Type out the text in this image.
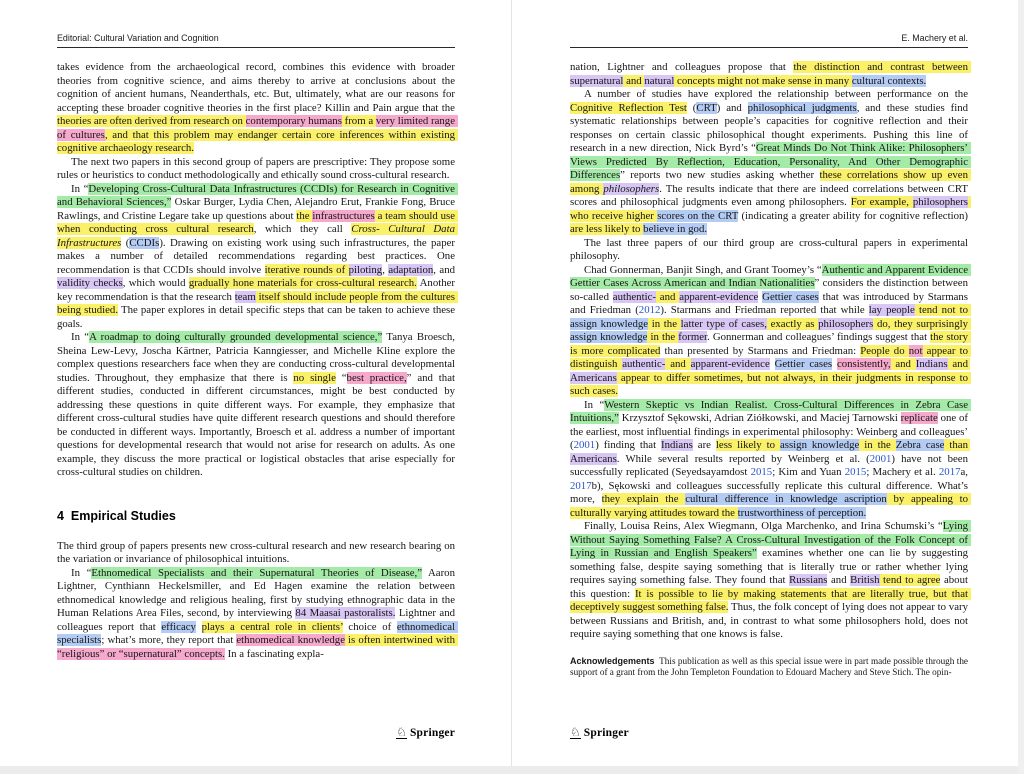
Editorial: Cultural Variation and Cognition

takes evidence from the archaeological record, combines this evidence with broader theories from cognitive science, and aims thereby to arrive at conclusions about the cognition of ancient humans, Neanderthals, etc. But, ultimately, what are our reasons for accepting these broader cognitive theories in the first place? Killin and Pain argue that the theories are often derived from research on contemporary humans from a very limited range of cultures, and that this problem may endanger certain core inferences within existing cognitive archaeology research.

The next two papers in this second group of papers are prescriptive: They propose some rules or heuristics to conduct methodologically and ethically sound cross-cultural research.

In “Developing Cross-Cultural Data Infrastructures (CCDIs) for Research in Cognitive and Behavioral Sciences,” Oskar Burger, Lydia Chen, Alejandro Erut, Frankie Fong, Bruce Rawlings, and Cristine Legare take up questions about the infrastructures a team should use when conducting cross cultural research, which they call Cross- Cultural Data Infrastructures (CCDIs). Drawing on existing work using such infrastructures, the paper makes a number of detailed recommendations regarding best practices. One recommendation is that CCDIs should involve iterative rounds of piloting, adaptation, and validity checks, which would gradually hone materials for cross-cultural research. Another key recommendation is that the research team itself should include people from the cultures being studied. The paper explores in detail specific steps that can be taken to achieve these goals.

In “A roadmap to doing culturally grounded developmental science,” Tanya Broesch, Sheina Lew-Levy, Joscha Kärtner, Patricia Kanngiesser, and Michelle Kline explore the complex questions researchers face when they are conducting cross-cultural developmental studies. Throughout, they emphasize that there is no single “best practice,” and that different studies, conducted in different circumstances, might be best conducted by addressing these questions in quite different ways. For example, they emphasize that different cross-cultural studies have quite different research questions and should therefore be conducted in different ways. Importantly, Broesch et al. address a number of important questions for developmental research that would not arise for research on adults. As one example, they discuss the more practical or logistical obstacles that arise especially for cross-cultural studies on children.

4  Empirical Studies

The third group of papers presents new cross-cultural research and new research bearing on the variation or invariance of philosophical intuitions.

In “Ethnomedical Specialists and their Supernatural Theories of Disease,” Aaron Lightner, Cynthiann Heckelsmiller, and Ed Hagen examine the relation between ethnomedical knowledge and religious healing, first by studying ethnographic data in the Human Relations Area Files, second, by interviewing 84 Maasai pastoralists. Lightner and colleagues report that efficacy plays a central role in clients’ choice of ethnomedical specialists; what’s more, they report that ethnomedical knowledge is often intertwined with “religious” or “supernatural” concepts. In a fascinating expla-

♘ Springer
E. Machery et al.

nation, Lightner and colleagues propose that the distinction and contrast between supernatural and natural concepts might not make sense in many cultural contexts.

A number of studies have explored the relationship between performance on the Cognitive Reflection Test (CRT) and philosophical judgments, and these studies find systematic relationships between people’s capacities for cognitive reflection and their responses on certain classic philosophical thought experiments. Pushing this line of research in a new direction, Nick Byrd’s “Great Minds Do Not Think Alike: Philosophers’ Views Predicted By Reflection, Education, Personality, And Other Demographic Differences” reports two new studies asking whether these correlations show up even among philosophers. The results indicate that there are indeed correlations between CRT scores and philosophical judgments even among philosophers. For example, philosophers who receive higher scores on the CRT (indicating a greater ability for cognitive reflection) are less likely to believe in god.

The last three papers of our third group are cross-cultural papers in experimental philosophy.

Chad Gonnerman, Banjit Singh, and Grant Toomey’s “Authentic and Apparent Evidence Gettier Cases Across American and Indian Nationalities” considers the distinction between so-called authentic- and apparent-evidence Gettier cases that was introduced by Starmans and Friedman (2012). Starmans and Friedman reported that while lay people tend not to assign knowledge in the latter type of cases, exactly as philosophers do, they surprisingly assign knowledge in the former. Gonnerman and colleagues’ findings suggest that the story is more complicated than presented by Starmans and Friedman: People do not appear to distinguish authentic- and apparent-evidence Gettier cases consistently, and Indians and Americans appear to differ sometimes, but not always, in their judgments in response to such cases.

In “Western Skeptic vs Indian Realist. Cross-Cultural Differences in Zebra Case Intuitions,” Krzysztof Sękowski, Adrian Ziółkowski, and Maciej Tarnowski replicate one of the earliest, most influential findings in experimental philosophy: Weinberg and colleagues’ (2001) finding that Indians are less likely to assign knowledge in the Zebra case than Americans. While several results reported by Weinberg et al. (2001) have not been successfully replicated (Seyedsayamdost 2015; Kim and Yuan 2015; Machery et al. 2017a, 2017b), Sękowski and colleagues successfully replicate this cultural difference. What’s more, they explain the cultural difference in knowledge ascription by appealing to culturally varying attitudes toward the trustworthiness of perception.

Finally, Louisa Reins, Alex Wiegmann, Olga Marchenko, and Irina Schumski’s “Lying Without Saying Something False? A Cross-Cultural Investigation of the Folk Concept of Lying in Russian and English Speakers” examines whether one can lie by suggesting something false, despite saying something that is literally true or rather whether lying requires saying something false. They found that Russians and British tend to agree about this question: It is possible to lie by making statements that are literally true, but that deceptively suggest something false. Thus, the folk concept of lying does not appear to vary between Russians and British, and, in contrast to what some philosophers hold, does not require saying something that one knows is false.

Acknowledgements  This publication as well as this special issue were in part made possible through the support of a grant from the John Templeton Foundation to Edouard Machery and Steve Stich. The opin-

♘ Springer
